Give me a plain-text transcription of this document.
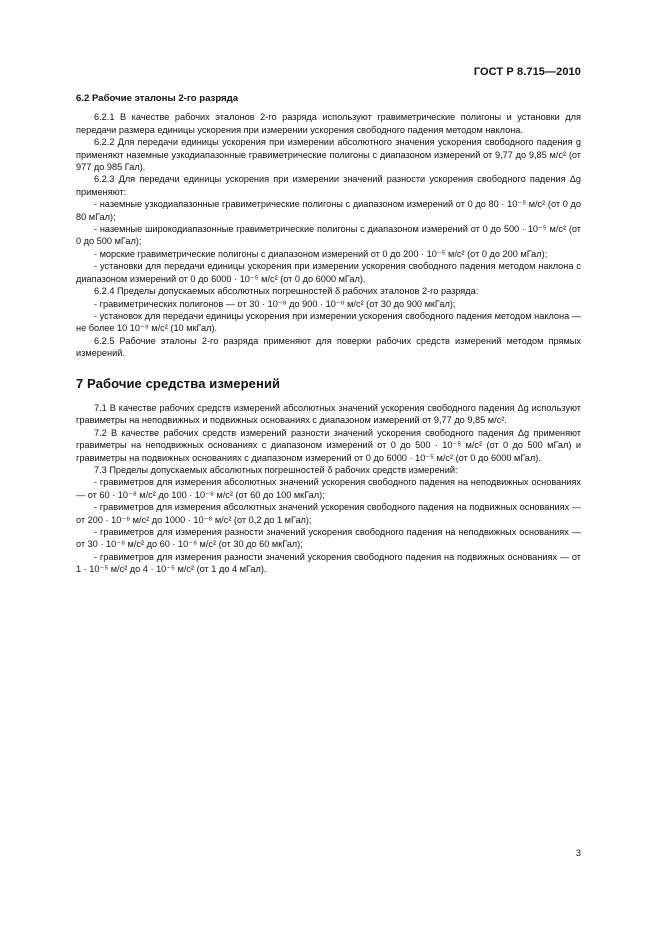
ГОСТ Р 8.715—2010
6.2 Рабочие эталоны 2-го разряда

6.2.1 В качестве рабочих эталонов 2-го разряда используют гравиметрические полигоны и установки для передачи размера единицы ускорения при измерении ускорения свободного падения методом наклона.

6.2.2 Для передачи единицы ускорения при измерении абсолютного значения ускорения свободного падения g применяют наземные узкодиапазонные гравиметрические полигоны с диапазоном измерений от 9,77 до 9,85 м/с² (от 977 до 985 Гал).

6.2.3 Для передачи единицы ускорения при измерении значений разности ускорения свободного падения Δg применяют:

- наземные узкодиапазонные гравиметрические полигоны с диапазоном измерений от 0 до 80 · 10⁻⁵ м/с² (от 0 до 80 мГал);

- наземные широкодиапазонные гравиметрические полигоны с диапазоном измерений от 0 до 500 · 10⁻⁵ м/с² (от 0 до 500 мГал);

- морские гравиметрические полигоны с диапазоном измерений от 0 до 200 · 10⁻⁵ м/с² (от 0 до 200 мГал);

- установки для передачи единицы ускорения при измерении ускорения свободного падения методом наклона с диапазоном измерений от 0 до 6000 · 10⁻⁵ м/с² (от 0 до 6000 мГал).

6.2.4 Пределы допускаемых абсолютных погрешностей δ рабочих эталонов 2-го разряда:

- гравиметрических полигонов — от 30 · 10⁻⁸ до 900 · 10⁻⁸ м/с² (от 30 до 900 мкГал);

- установок для передачи единицы ускорения при измерении ускорения свободного падения методом наклона — не более 10 10⁻⁸ м/с² (10 мкГал).

6.2.5 Рабочие эталоны 2-го разряда применяют для поверки рабочих средств измерений методом прямых измерений.

7 Рабочие средства измерений

7.1 В качестве рабочих средств измерений абсолютных значений ускорения свободного падения Δg используют гравиметры на неподвижных и подвижных основаниях с диапазоном измерений от 9,77 до 9,85 м/с².

7.2 В качестве рабочих средств измерений разности значений ускорения свободного падения Δg применяют гравиметры на неподвижных основаниях с диапазоном измерений от 0 до 500 · 10⁻⁵ м/с² (от 0 до 500 мГал) и гравиметры на подвижных основаниях с диапазоном измерений от 0 до 6000 · 10⁻⁵ м/с² (от 0 до 6000 мГал).

7.3 Пределы допускаемых абсолютных погрешностей δ рабочих средств измерений:

- гравиметров для измерения абсолютных значений ускорения свободного падения на неподвижных основаниях — от 60 · 10⁻⁸ м/с² до 100 · 10⁻⁸ м/с² (от 60 до 100 мкГал);

- гравиметров для измерения абсолютных значений ускорения свободного падения на подвижных основаниях — от 200 · 10⁻⁸ м/с² до 1000 · 10⁻⁸ м/с² (от 0,2 до 1 мГал);

- гравиметров для измерения разности значений ускорения свободного падения на неподвижных основаниях — от 30 · 10⁻⁸ м/с² до 60 · 10⁻⁸ м/с² (от 30 до 60 мкГал);

- гравиметров для измерения разности значений ускорения свободного падения на подвижных основаниях — от 1 · 10⁻⁵ м/с² до 4 · 10⁻⁵ м/с² (от 1 до 4 мГал).

3
